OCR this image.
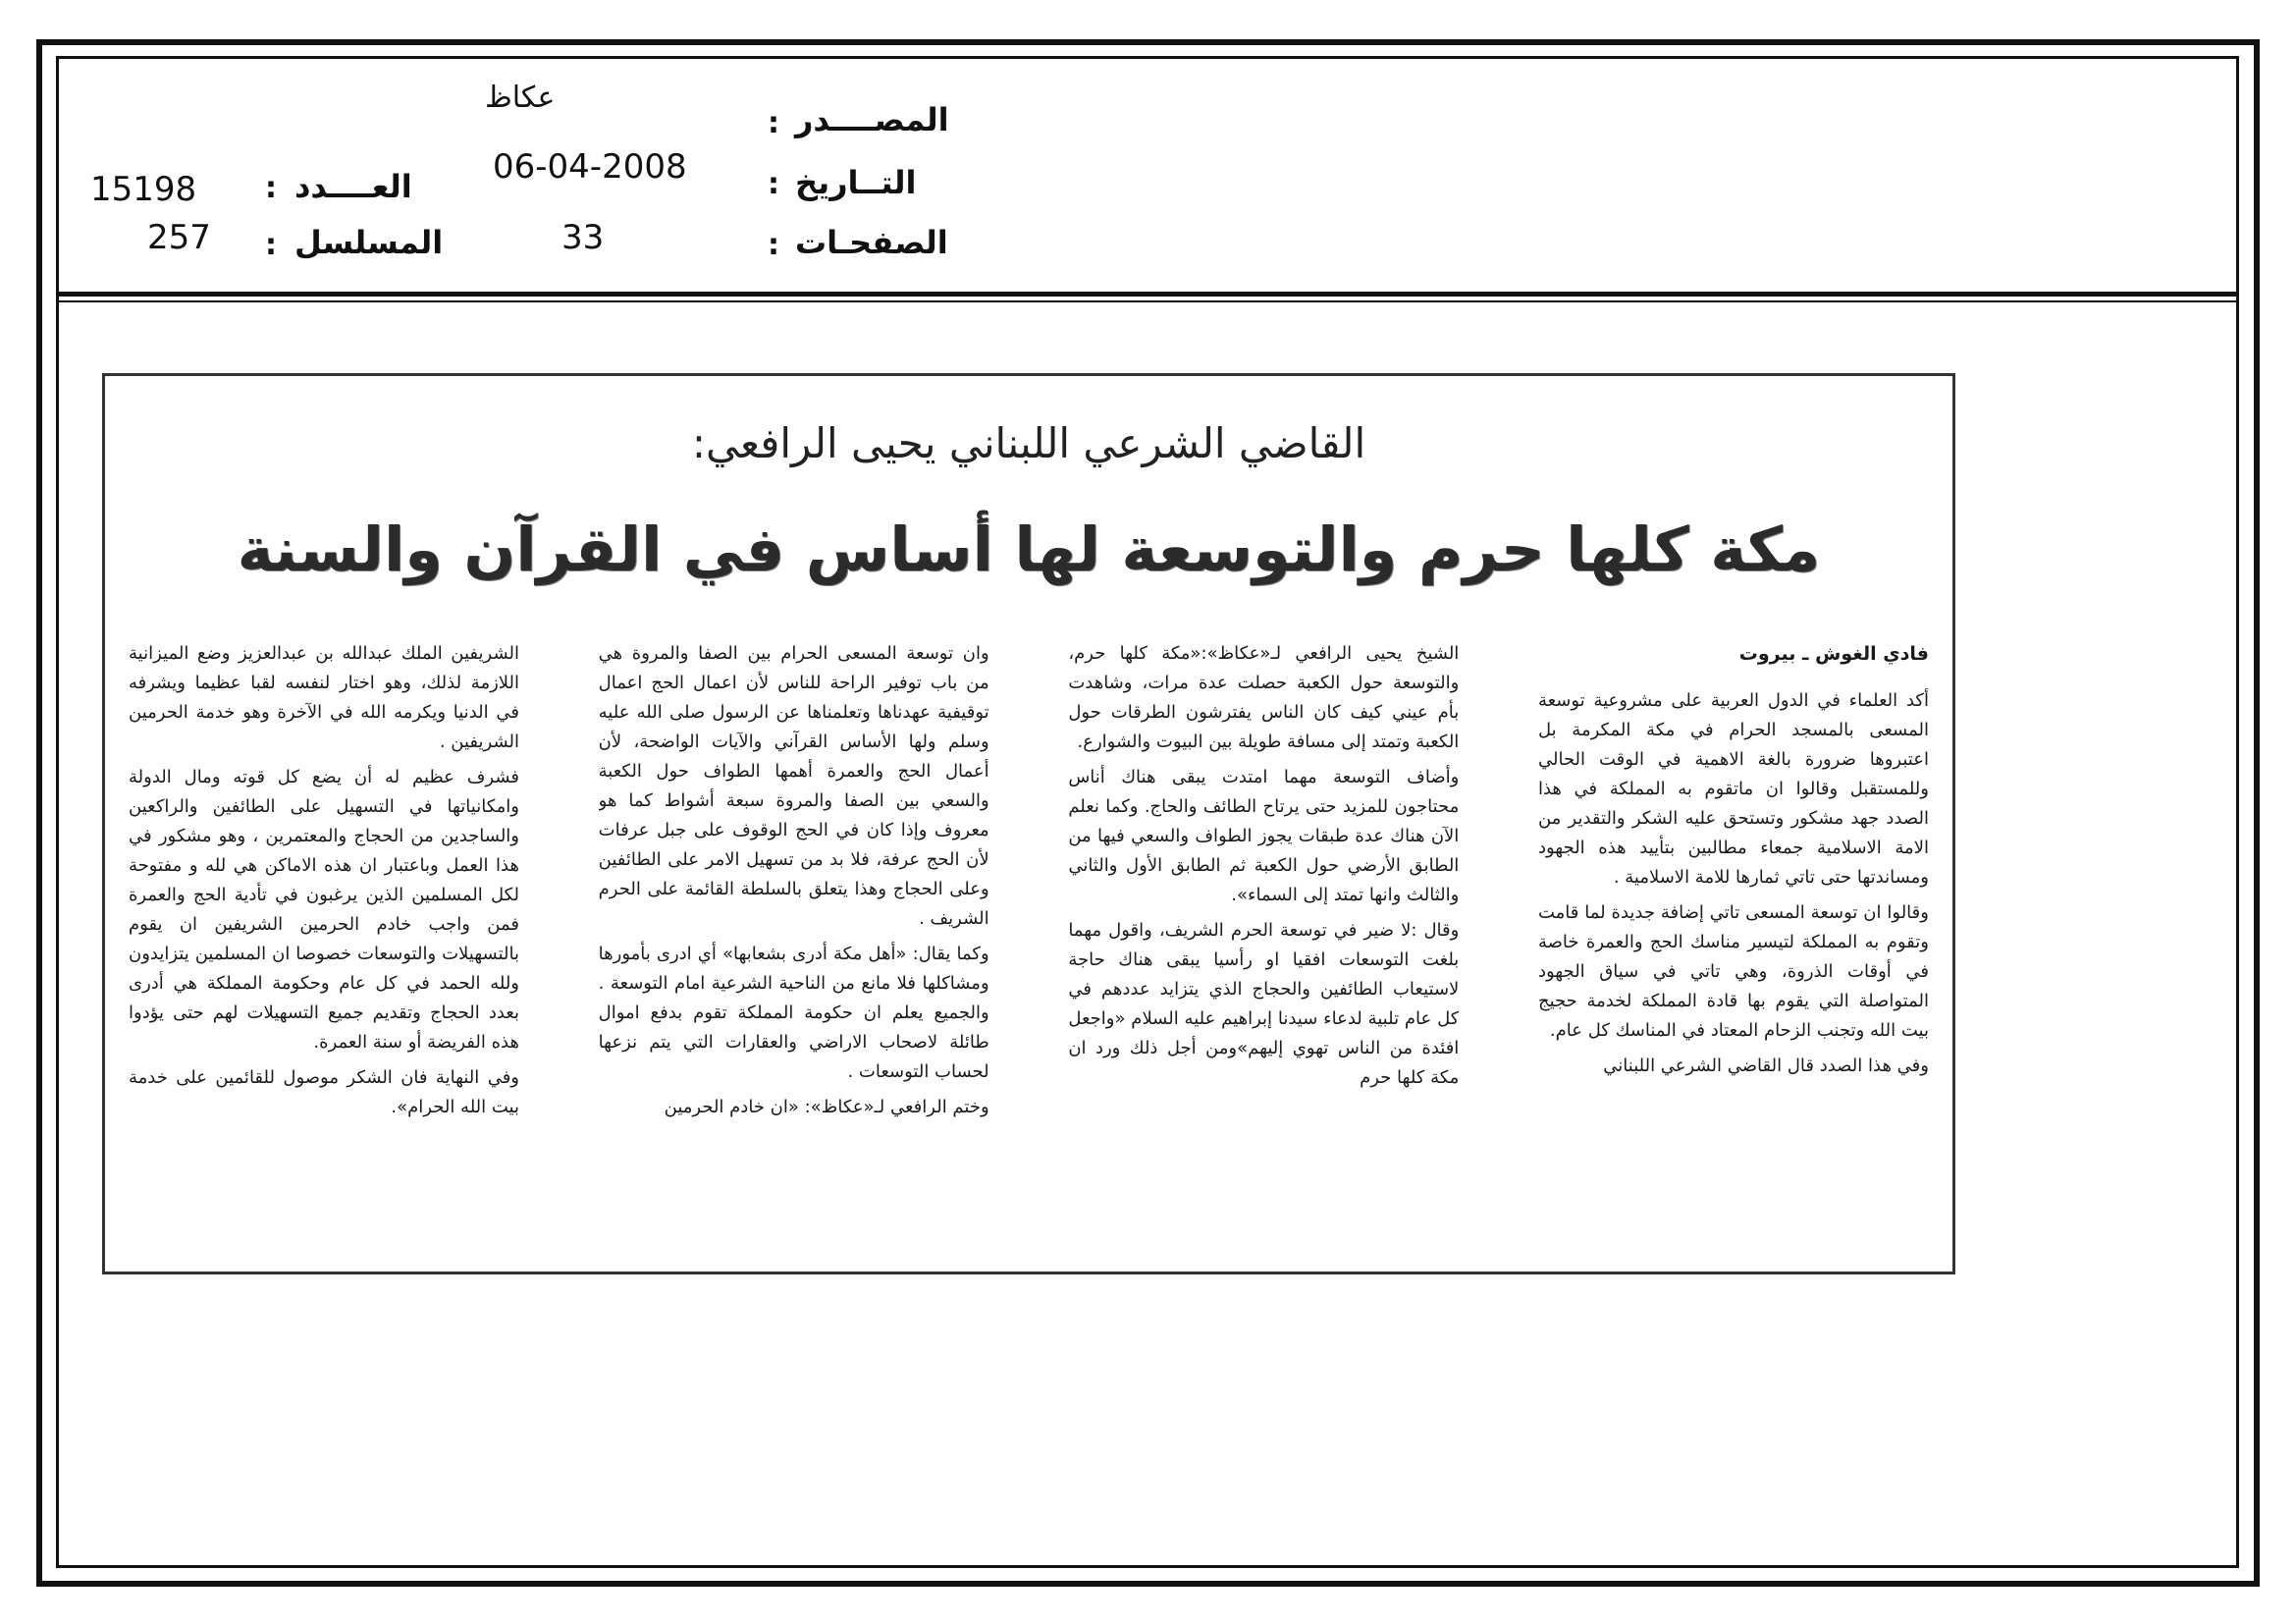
المصــــدر
:
عكاظ
التــاريخ
:
06-04-2008
الصفحـات
:
33
العــــدد
:
15198
المسلسل
:
257
القاضي الشرعي اللبناني يحيى الرافعي:
مكة كلها حرم والتوسعة لها أساس في القرآن والسنة

فادي الغوش ـ بيروت

أكد العلماء في الدول العربية على مشروعية توسعة المسعى بالمسجد الحرام في مكة المكرمة بل اعتبروها ضرورة بالغة الاهمية في الوقت الحالي وللمستقبل وقالوا ان ماتقوم به المملكة في هذا الصدد جهد مشكور وتستحق عليه الشكر والتقدير من الامة الاسلامية جمعاء مطالبين بتأييد هذه الجهود ومساندتها حتى تاتي ثمارها للامة الاسلامية .

وقالوا ان توسعة المسعى تاتي إضافة جديدة لما قامت وتقوم به المملكة لتيسير مناسك الحج والعمرة خاصة في أوقات الذروة، وهي تاتي في سياق الجهود المتواصلة التي يقوم بها قادة المملكة لخدمة حجيج بيت الله وتجنب الزحام المعتاد في المناسك كل عام.

وفي هذا الصدد قال القاضي الشرعي اللبناني

الشيخ يحيى الرافعي لـ«عكاظ»:«مكة كلها حرم، والتوسعة حول الكعبة حصلت عدة مرات، وشاهدت بأم عيني كيف كان الناس يفترشون الطرقات حول الكعبة وتمتد إلى مسافة طويلة بين البيوت والشوارع.

وأضاف التوسعة مهما امتدت يبقى هناك أناس محتاجون للمزيد حتى يرتاح الطائف والحاج. وكما نعلم الآن هناك عدة طبقات يجوز الطواف والسعي فيها من الطابق الأرضي حول الكعبة ثم الطابق الأول والثاني والثالث وانها تمتد إلى السماء».

وقال :لا ضير في توسعة الحرم الشريف، واقول مهما بلغت التوسعات افقيا او رأسيا يبقى هناك حاجة لاستيعاب الطائفين والحجاج الذي يتزايد عددهم في كل عام تلبية لدعاء سيدنا إبراهيم عليه السلام «واجعل افئدة من الناس تهوي إليهم»ومن أجل ذلك ورد ان مكة كلها حرم

وان توسعة المسعى الحرام بين الصفا والمروة هي من باب توفير الراحة للناس لأن اعمال الحج اعمال توقيفية عهدناها وتعلمناها عن الرسول صلى الله عليه وسلم ولها الأساس القرآني والآيات الواضحة، لأن أعمال الحج والعمرة أهمها الطواف حول الكعبة والسعي بين الصفا والمروة سبعة أشواط كما هو معروف وإذا كان في الحج الوقوف على جبل عرفات لأن الحج عرفة، فلا بد من تسهيل الامر على الطائفين وعلى الحجاج وهذا يتعلق بالسلطة القائمة على الحرم الشريف .

وكما يقال: «أهل مكة أدرى بشعابها» أي ادرى بأمورها ومشاكلها فلا مانع من الناحية الشرعية امام التوسعة . والجميع يعلم ان حكومة المملكة تقوم بدفع اموال طائلة لاصحاب الاراضي والعقارات التي يتم نزعها لحساب التوسعات .

وختم الرافعي لـ«عكاظ»: «ان خادم الحرمين

الشريفين الملك عبدالله بن عبدالعزيز وضع الميزانية اللازمة لذلك، وهو اختار لنفسه لقبا عظيما ويشرفه في الدنيا ويكرمه الله في الآخرة وهو خدمة الحرمين الشريفين .

فشرف عظيم له أن يضع كل قوته ومال الدولة وامكانياتها في التسهيل على الطائفين والراكعين والساجدين من الحجاج والمعتمرين ، وهو مشكور في هذا العمل وباعتبار ان هذه الاماكن هي لله و مفتوحة لكل المسلمين الذين يرغبون في تأدية الحج والعمرة فمن واجب خادم الحرمين الشريفين ان يقوم بالتسهيلات والتوسعات خصوصا ان المسلمين يتزايدون ولله الحمد في كل عام وحكومة المملكة هي أدرى بعدد الحجاج وتقديم جميع التسهيلات لهم حتى يؤدوا هذه الفريضة أو سنة العمرة.

وفي النهاية فان الشكر موصول للقائمين على خدمة بيت الله الحرام».
